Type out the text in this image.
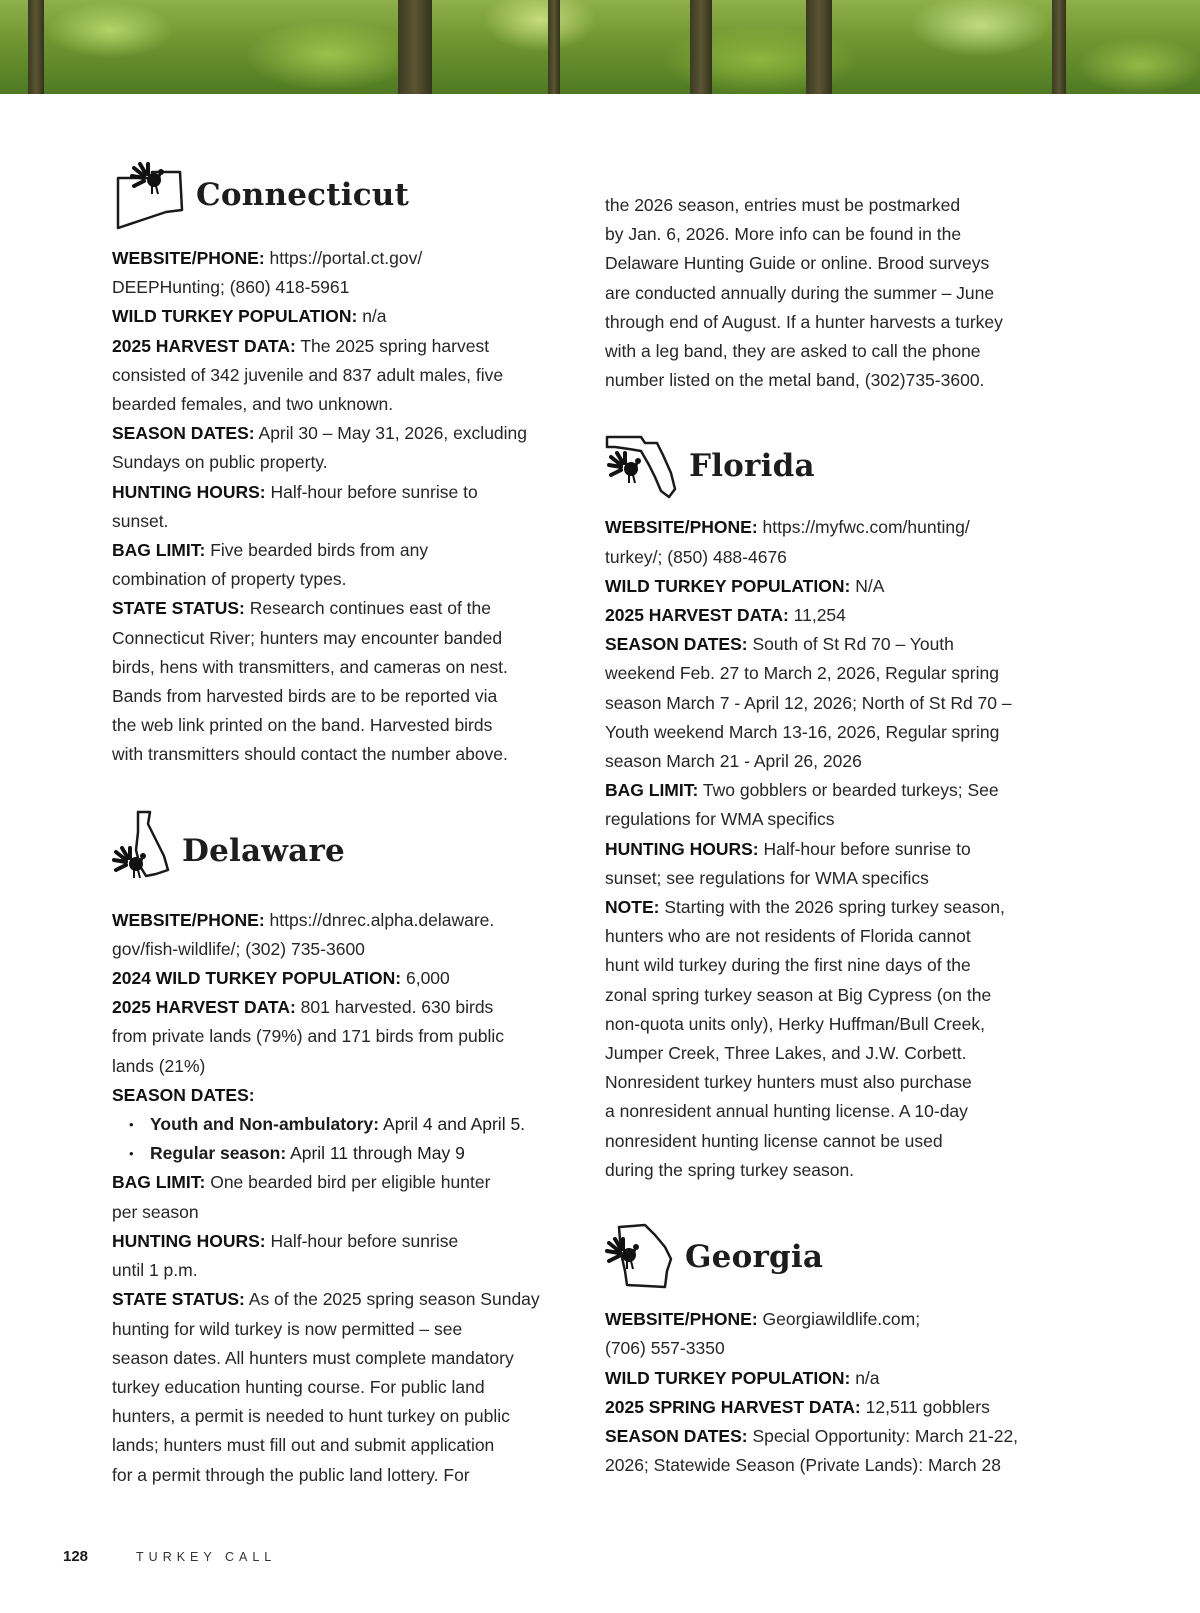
Connecticut

WEBSITE/PHONE: https://portal.ct.gov/
DEEPHunting; (860) 418-5961

WILD TURKEY POPULATION: n/a

2025 HARVEST DATA: The 2025 spring harvest
consisted of 342 juvenile and 837 adult males, five
bearded females, and two unknown.

SEASON DATES: April 30 – May 31, 2026, excluding
Sundays on public property.

HUNTING HOURS: Half-hour before sunrise to
sunset.

BAG LIMIT: Five bearded birds from any
combination of property types.

STATE STATUS: Research continues east of the
Connecticut River; hunters may encounter banded
birds, hens with transmitters, and cameras on nest.
Bands from harvested birds are to be reported via
the web link printed on the band. Harvested birds
with transmitters should contact the number above.

Delaware

WEBSITE/PHONE: https://dnrec.alpha.delaware.
gov/fish-wildlife/; (302) 735-3600

2024 WILD TURKEY POPULATION: 6,000

2025 HARVEST DATA: 801 harvested. 630 birds
from private lands (79%) and 171 birds from public
lands (21%)

SEASON DATES:

• Youth and Non-ambulatory: April 4 and April 5.
• Regular season: April 11 through May 9

BAG LIMIT: One bearded bird per eligible hunter
per season

HUNTING HOURS: Half-hour before sunrise
until 1 p.m.

STATE STATUS: As of the 2025 spring season Sunday
hunting for wild turkey is now permitted – see
season dates. All hunters must complete mandatory
turkey education hunting course. For public land
hunters, a permit is needed to hunt turkey on public
lands; hunters must fill out and submit application
for a permit through the public land lottery. For

the 2026 season, entries must be postmarked
by Jan. 6, 2026. More info can be found in the
Delaware Hunting Guide or online. Brood surveys
are conducted annually during the summer – June
through end of August. If a hunter harvests a turkey
with a leg band, they are asked to call the phone
number listed on the metal band, (302)735-3600.

Florida

WEBSITE/PHONE: https://myfwc.com/hunting/
turkey/; (850) 488-4676

WILD TURKEY POPULATION: N/A

2025 HARVEST DATA: 11,254

SEASON DATES: South of St Rd 70 – Youth
weekend Feb. 27 to March 2, 2026, Regular spring
season March 7 - April 12, 2026; North of St Rd 70 –
Youth weekend March 13-16, 2026, Regular spring
season March 21 - April 26, 2026

BAG LIMIT: Two gobblers or bearded turkeys; See
regulations for WMA specifics

HUNTING HOURS: Half-hour before sunrise to
sunset; see regulations for WMA specifics

NOTE: Starting with the 2026 spring turkey season,
hunters who are not residents of Florida cannot
hunt wild turkey during the first nine days of the
zonal spring turkey season at Big Cypress (on the
non-quota units only), Herky Huffman/Bull Creek,
Jumper Creek, Three Lakes, and J.W. Corbett.
Nonresident turkey hunters must also purchase
a nonresident annual hunting license. A 10-day
nonresident hunting license cannot be used
during the spring turkey season.

Georgia

WEBSITE/PHONE: Georgiawildlife.com;
(706) 557-3350

WILD TURKEY POPULATION: n/a

2025 SPRING HARVEST DATA: 12,511 gobblers

SEASON DATES: Special Opportunity: March 21-22,
2026; Statewide Season (Private Lands): March 28

128	TURKEY CALL
